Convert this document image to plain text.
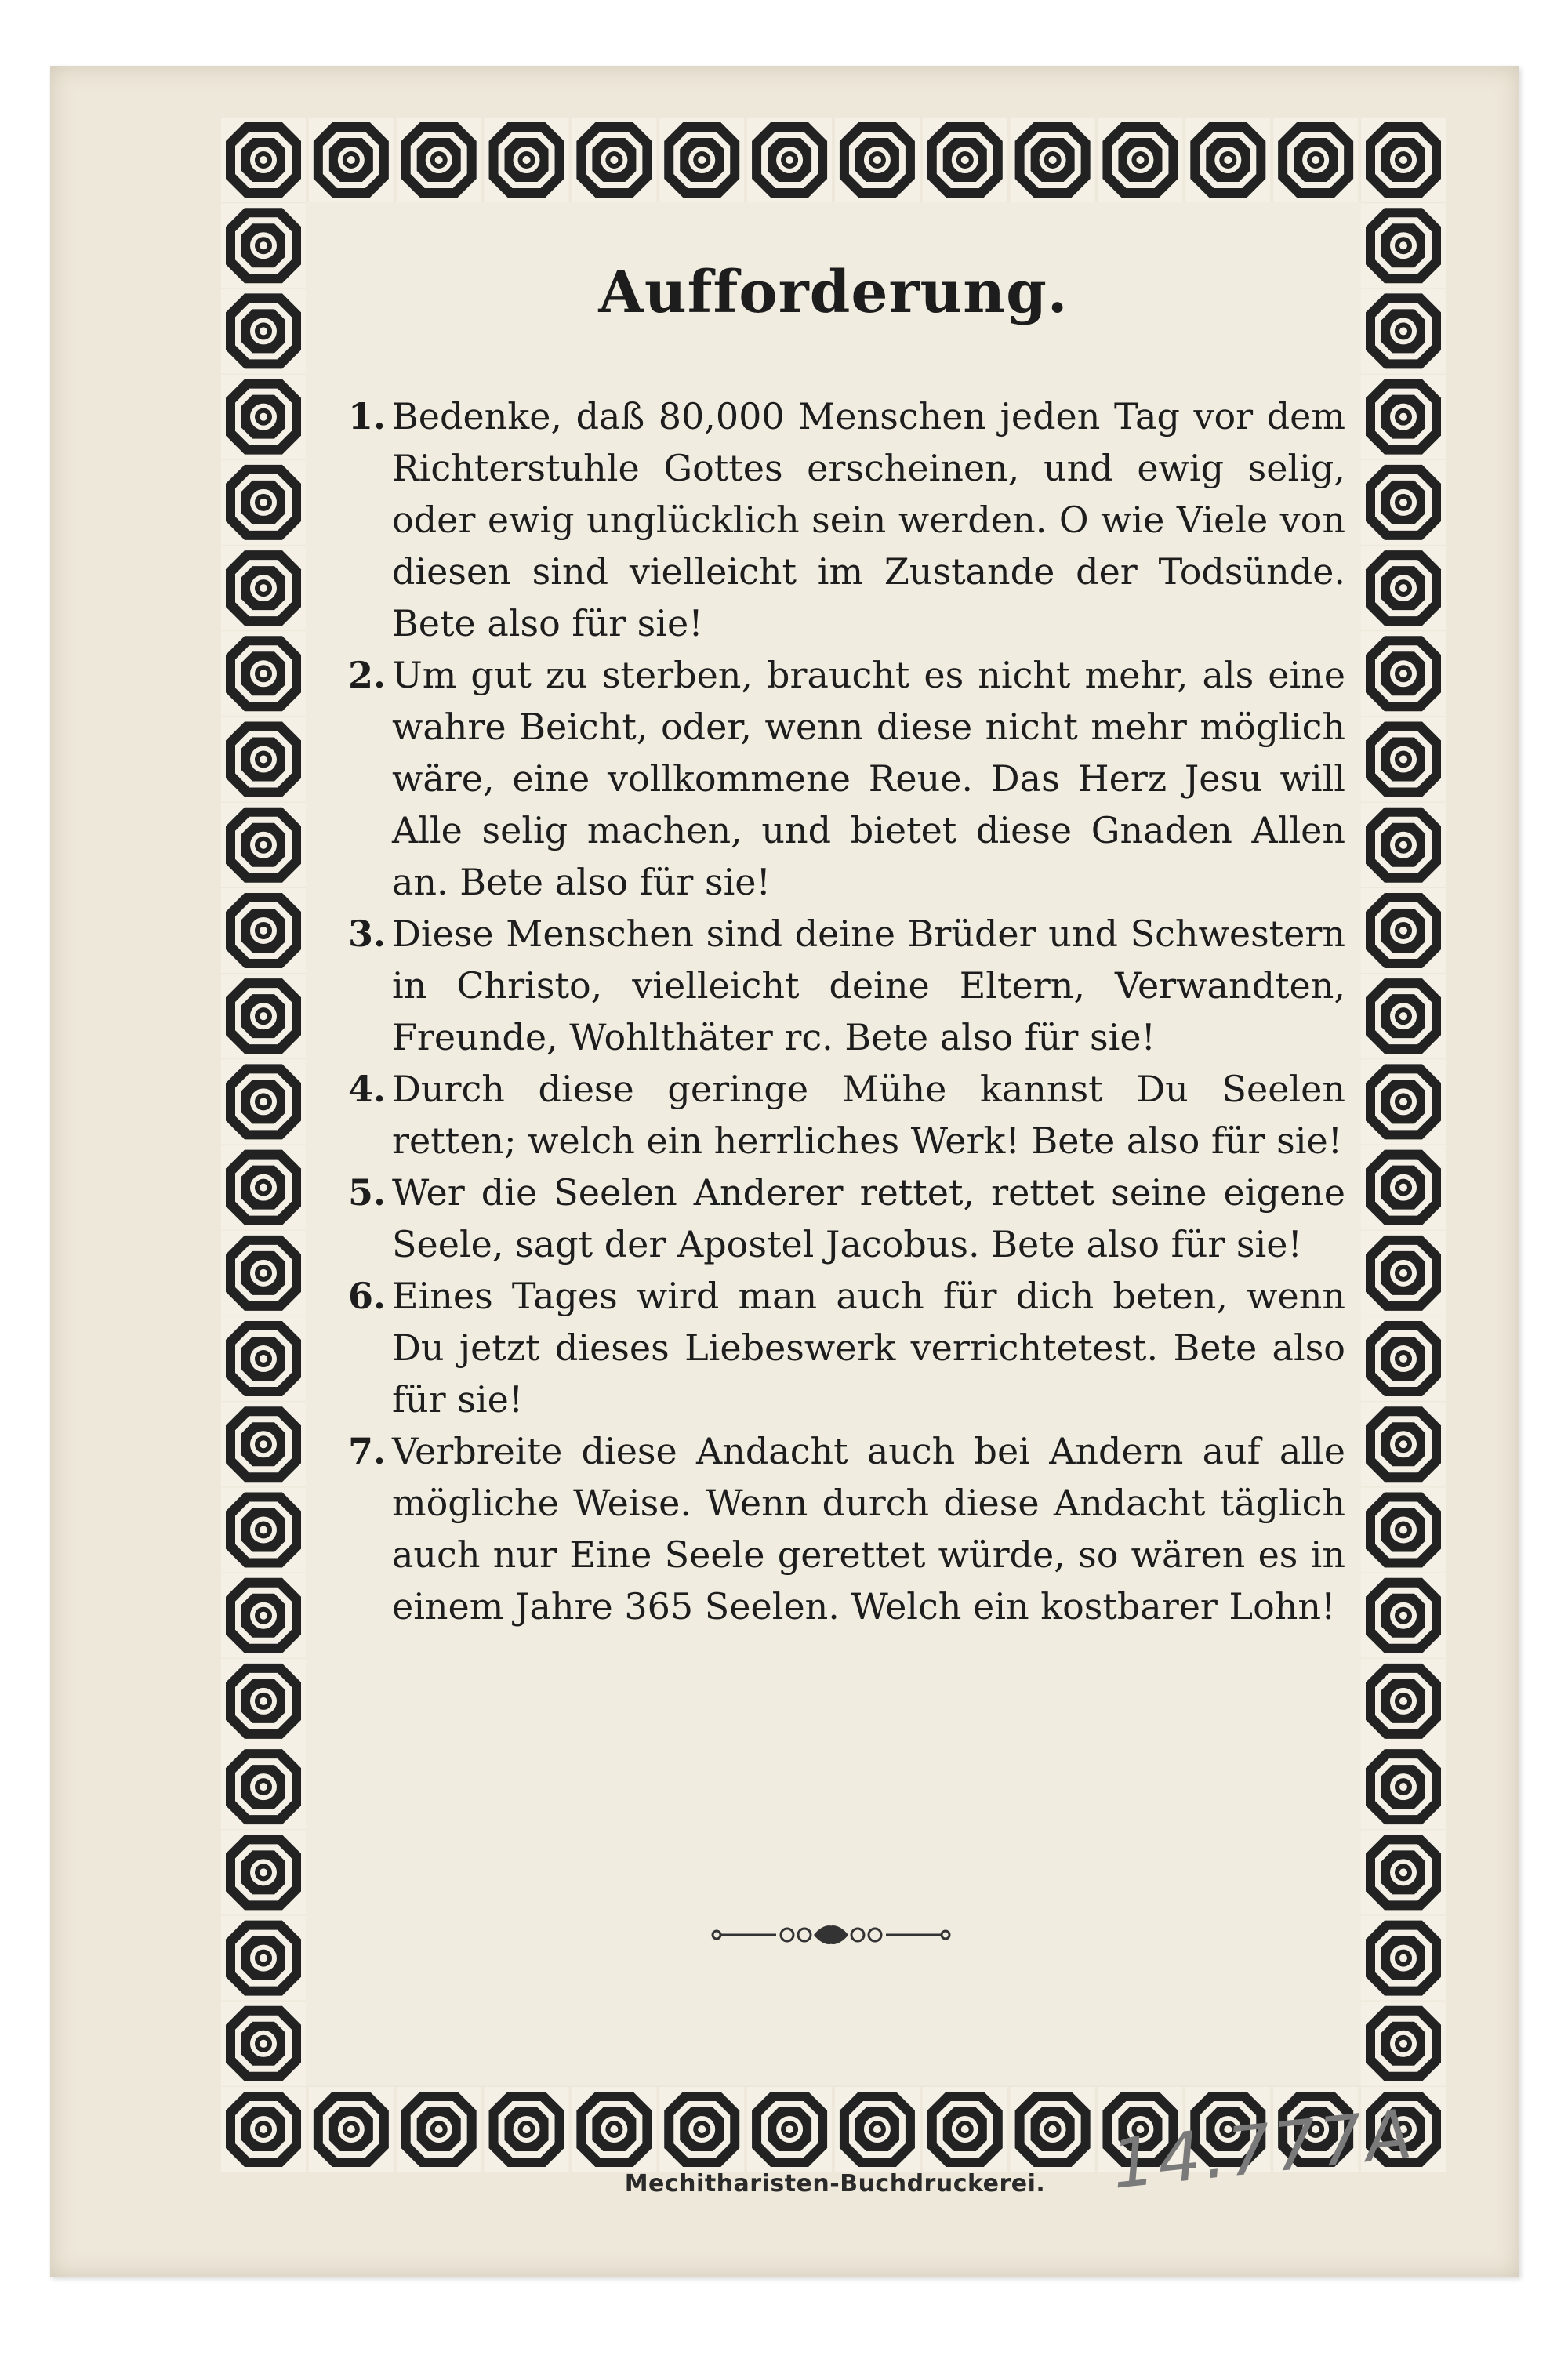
Aufforderung.
1. Bedenke, daß 80,000 Menschen jeden Tag vor dem Richterstuhle Gottes erscheinen, und ewig selig, oder ewig unglücklich sein werden. O wie Viele von diesen sind vielleicht im Zustande der Todsünde. Bete also für sie!
2. Um gut zu sterben, braucht es nicht mehr, als eine wahre Beicht, oder, wenn diese nicht mehr möglich wäre, eine vollkommene Reue. Das Herz Jesu will Alle selig machen, und bietet diese Gnaden Allen an. Bete also für sie!
3. Diese Menschen sind deine Brüder und Schwestern in Christo, vielleicht deine Eltern, Verwandten, Freunde, Wohlthäter rc. Bete also für sie!
4. Durch diese geringe Mühe kannst Du Seelen retten; welch ein herrliches Werk! Bete also für sie!
5. Wer die Seelen Anderer rettet, rettet seine eigene Seele, sagt der Apostel Jacobus. Bete also für sie!
6. Eines Tages wird man auch für dich beten, wenn Du jetzt dieses Liebeswerk verrichtetest. Bete also für sie!
7. Verbreite diese Andacht auch bei Andern auf alle mögliche Weise. Wenn durch diese Andacht täglich auch nur Eine Seele gerettet würde, so wären es in einem Jahre 365 Seelen. Welch ein kostbarer Lohn!
Mechitharisten-Buchdruckerei. 14.777A
